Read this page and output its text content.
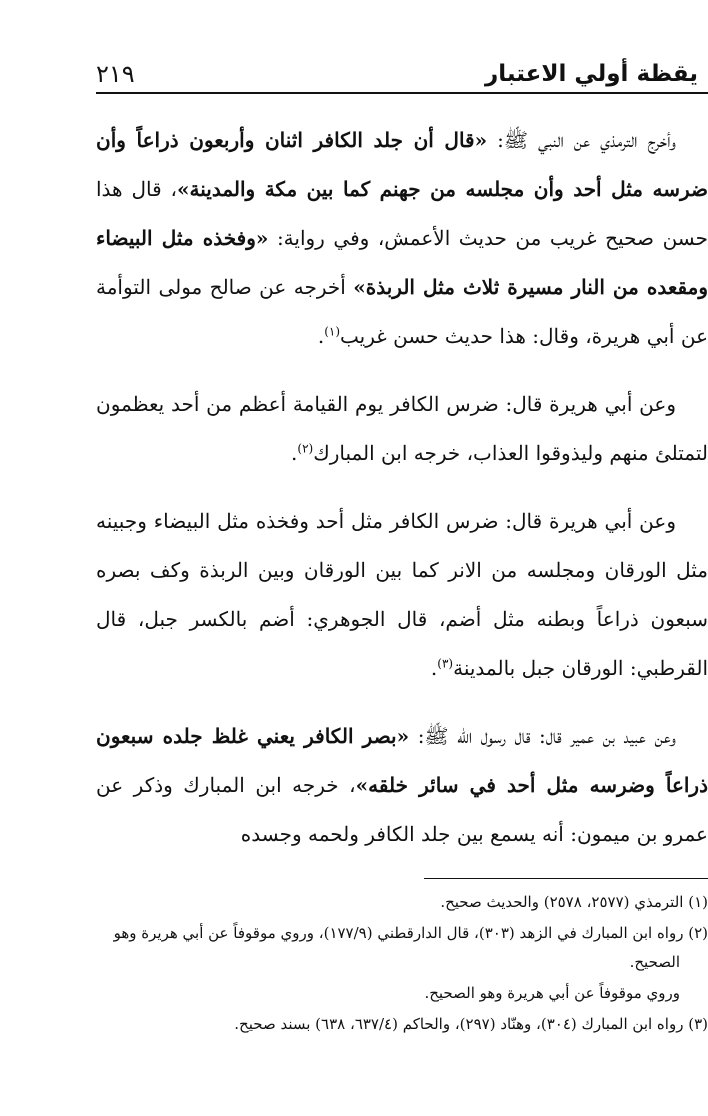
يقظة أولي الاعتبار
٢١٩

وأخرج الترمذي عن النبي ﷺ: «قال أن جلد الكافر اثنان وأربعون ذراعاً وأن ضرسه مثل أحد وأن مجلسه من جهنم كما بين مكة والمدينة»، قال هذا حسن صحيح غريب من حديث الأعمش، وفي رواية: «وفخذه مثل البيضاء ومقعده من النار مسيرة ثلاث مثل الربذة» أخرجه عن صالح مولى التوأمة عن أبي هريرة، وقال: هذا حديث حسن غريب$^{(١)}$.

وعن أبي هريرة قال: ضرس الكافر يوم القيامة أعظم من أحد يعظمون لتمتلئ منهم وليذوقوا العذاب، خرجه ابن المبارك$^{(٢)}$.

وعن أبي هريرة قال: ضرس الكافر مثل أحد وفخذه مثل البيضاء وجبينه مثل الورقان ومجلسه من الانر كما بين الورقان وبين الربذة وكف بصره سبعون ذراعاً وبطنه مثل أضم، قال الجوهري: أضم بالكسر جبل، قال القرطبي: الورقان جبل بالمدينة$^{(٣)}$.

وعن عبيد بن عمير قال: قال رسول الله ﷺ: «بصر الكافر يعني غلظ جلده سبعون ذراعاً وضرسه مثل أحد في سائر خلقه»، خرجه ابن المبارك وذكر عن عمرو بن ميمون: أنه يسمع بين جلد الكافر ولحمه وجسده

(١) الترمذي (٢٥٧٧، ٢٥٧٨) والحديث صحيح.

(٢) رواه ابن المبارك في الزهد (٣٠٣)، قال الدارقطني (١٧٧/٩)، وروي موقوفاً عن أبي هريرة وهو الصحيح.

وروي موقوفاً عن أبي هريرة وهو الصحيح.

(٣) رواه ابن المبارك (٣٠٤)، وهنّاد (٢٩٧)، والحاكم (٦٣٧/٤، ٦٣٨) بسند صحيح.
